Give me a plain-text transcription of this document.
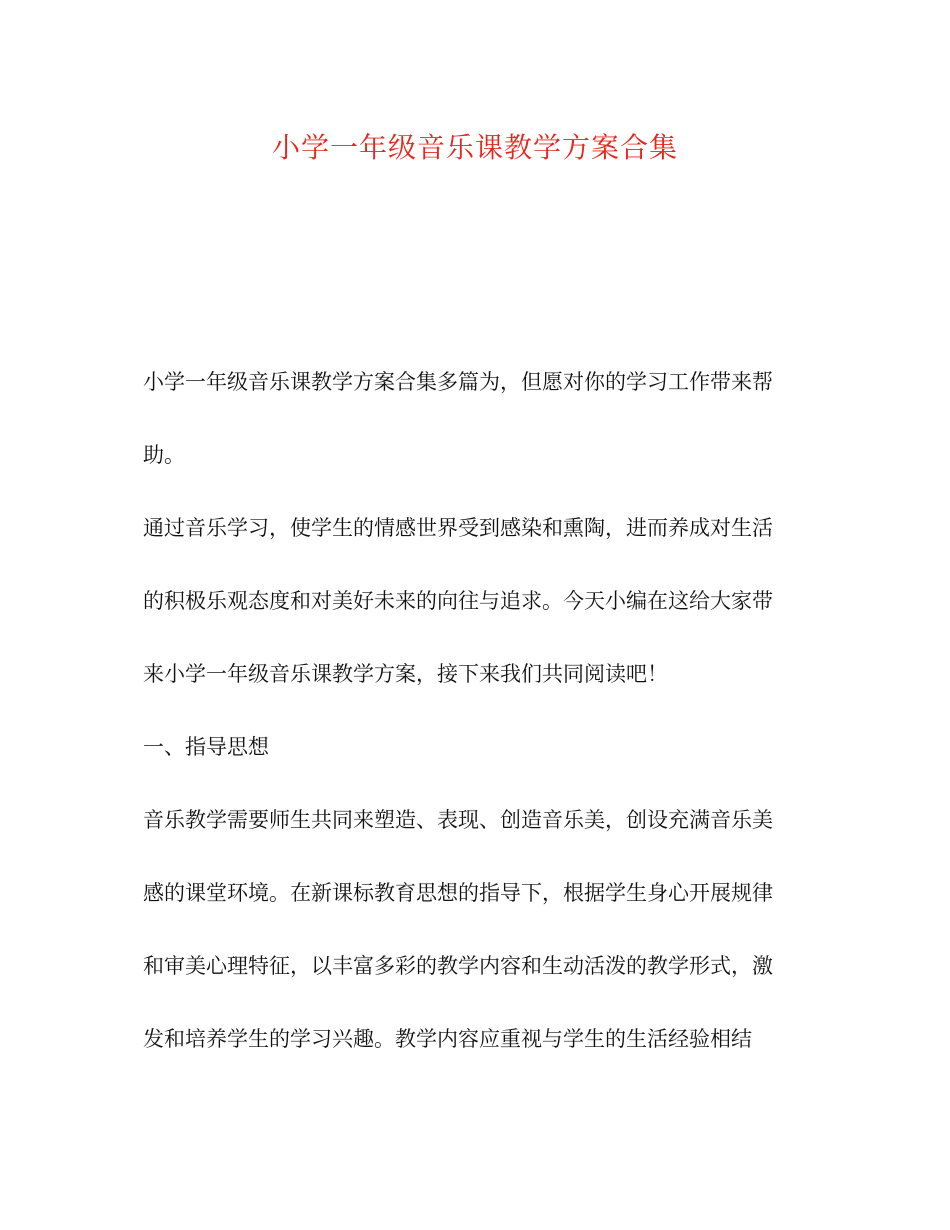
小学一年级音乐课教学方案合集
小学一年级音乐课教学方案合集多篇为，但愿对你的学习工作带来帮
助。
通过音乐学习，使学生的情感世界受到感染和熏陶，进而养成对生活
的积极乐观态度和对美好未来的向往与追求。今天小编在这给大家带
来小学一年级音乐课教学方案，接下来我们共同阅读吧！
一、指导思想
音乐教学需要师生共同来塑造、表现、创造音乐美，创设充满音乐美
感的课堂环境。在新课标教育思想的指导下，根据学生身心开展规律
和审美心理特征，以丰富多彩的教学内容和生动活泼的教学形式，激
发和培养学生的学习兴趣。教学内容应重视与学生的生活经验相结
